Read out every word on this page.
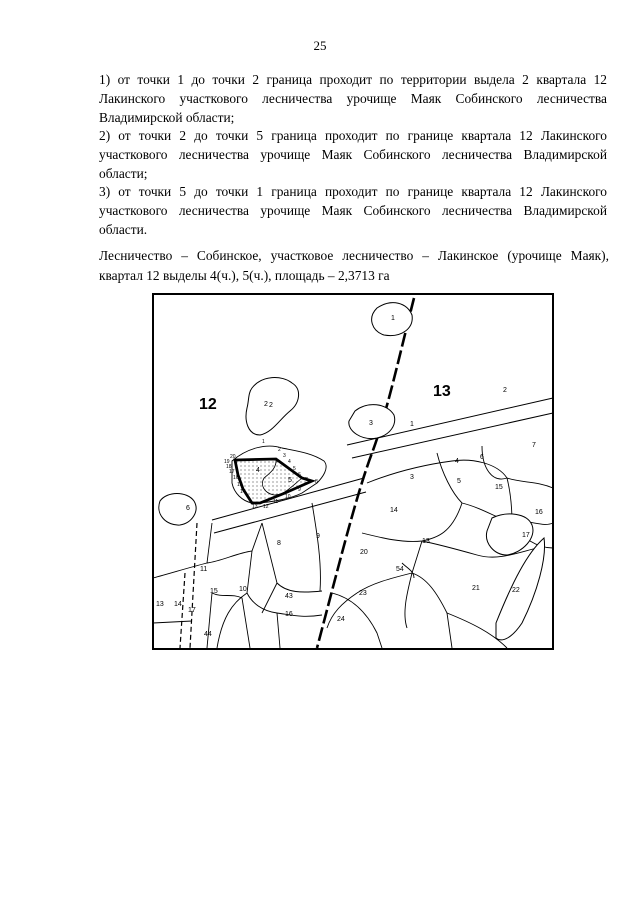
25

1) от точки 1 до точки 2 граница проходит по территории выдела 2 квартала 12 Лакинского участкового лесничества урочище Маяк Собинского лесничества Владимирской области;

2) от точки 2 до точки 5 граница проходит по границе квартала 12 Лакинского участкового лесничества урочище Маяк Собинского лесничества Владимирской области;

3) от точки 5 до точки 1 граница проходит по границе квартала 12 Лакинского участкового лесничества урочище Маяк Собинского лесничества Владимирской области.

Лесничество – Собинское, участковое лесничество – Лакинское (урочище Маяк), квартал 12 выделы 4(ч.), 5(ч.), площадь – 2,3713 га

12
13
1
2
3	1
2
3
4
5
6
7
15
16
17
14
13
20
54
23
24
21	22
2
4
5
6
8
9
11
15	10
43
16
13 14
17
44
1
2
3
4
5
6
7 8
9
10
11
12
13
14
15
16
17
18
19
20
